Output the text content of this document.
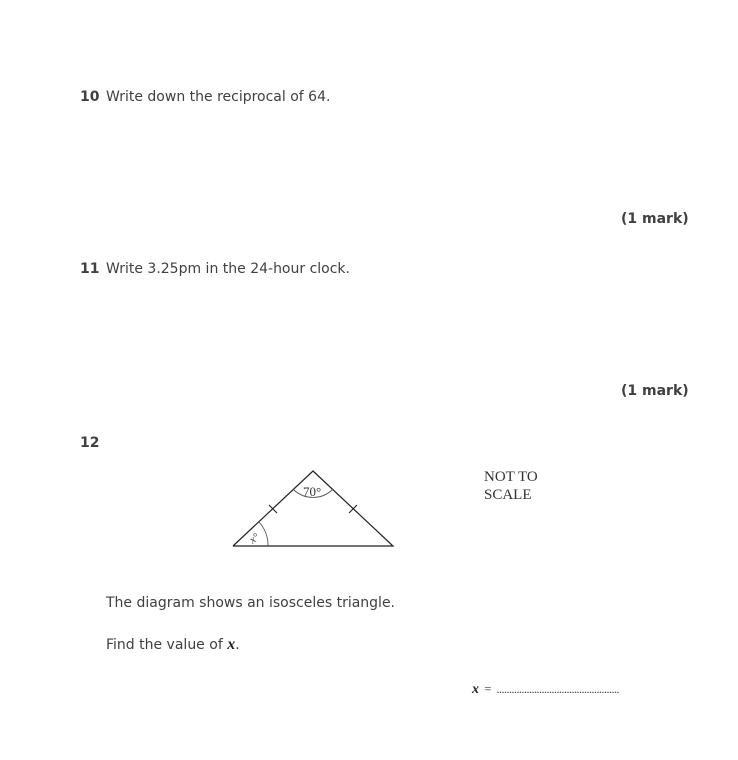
10 Write down the reciprocal of 64.
(1 mark)
11 Write 3.25pm in the 24-hour clock.
(1 mark)
12
70°
x°
NOT TO
SCALE
The diagram shows an isosceles triangle.
Find the value of x.
x = .................................................
